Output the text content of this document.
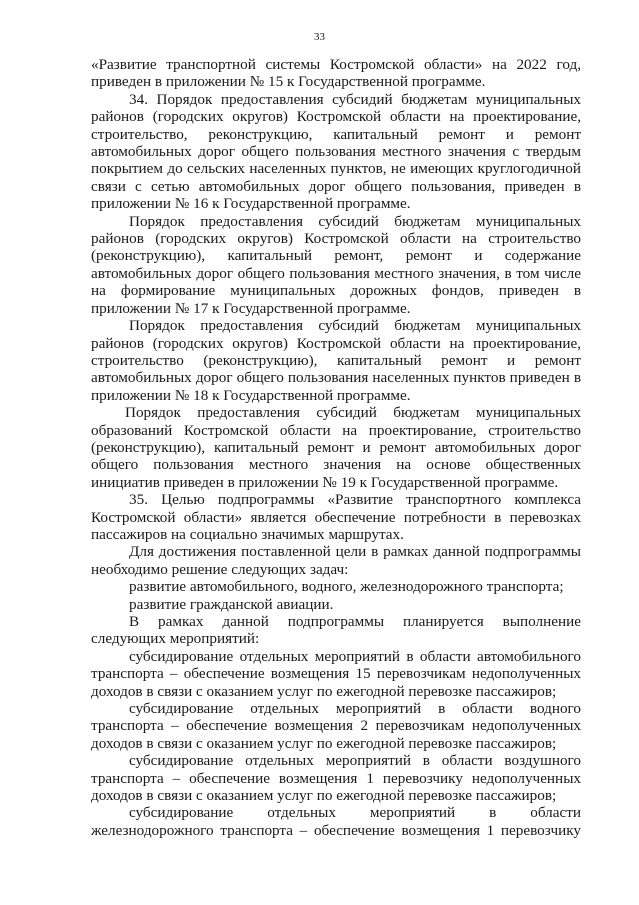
33

«Развитие транспортной системы Костромской области» на 2022 год, приведен в приложении № 15 к Государственной программе.

34. Порядок предоставления субсидий бюджетам муниципальных районов (городских округов) Костромской области на проектирование, строительство, реконструкцию, капитальный ремонт и ремонт автомобильных дорог общего пользования местного значения с твердым покрытием до сельских населенных пунктов, не имеющих круглогодичной связи с сетью автомобильных дорог общего пользования, приведен в приложении № 16 к Государственной программе.

Порядок предоставления субсидий бюджетам муниципальных районов (городских округов) Костромской области на строительство (реконструкцию), капитальный ремонт, ремонт и содержание автомобильных дорог общего пользования местного значения, в том числе на формирование муниципальных дорожных фондов, приведен в приложении № 17 к Государственной программе.

Порядок предоставления субсидий бюджетам муниципальных районов (городских округов) Костромской области на проектирование, строительство (реконструкцию), капитальный ремонт и ремонт автомобильных дорог общего пользования населенных пунктов приведен в приложении № 18 к Государственной программе.

Порядок предоставления субсидий бюджетам муниципальных образований Костромской области на проектирование, строительство (реконструкцию), капитальный ремонт и ремонт автомобильных дорог общего пользования местного значения на основе общественных инициатив приведен в приложении № 19 к Государственной программе.

35. Целью подпрограммы «Развитие транспортного комплекса Костромской области» является обеспечение потребности в перевозках пассажиров на социально значимых маршрутах.

Для достижения поставленной цели в рамках данной подпрограммы необходимо решение следующих задач:

развитие автомобильного, водного, железнодорожного транспорта;

развитие гражданской авиации.

В рамках данной подпрограммы планируется выполнение следующих мероприятий:

субсидирование отдельных мероприятий в области автомобильного транспорта – обеспечение возмещения 15 перевозчикам недополученных доходов в связи с оказанием услуг по ежегодной перевозке пассажиров;

субсидирование отдельных мероприятий в области водного транспорта – обеспечение возмещения 2 перевозчикам недополученных доходов в связи с оказанием услуг по ежегодной перевозке пассажиров;

субсидирование отдельных мероприятий в области воздушного транспорта – обеспечение возмещения 1 перевозчику недополученных доходов в связи с оказанием услуг по ежегодной перевозке пассажиров;

субсидирование отдельных мероприятий в области железнодорожного транспорта – обеспечение возмещения 1 перевозчику
